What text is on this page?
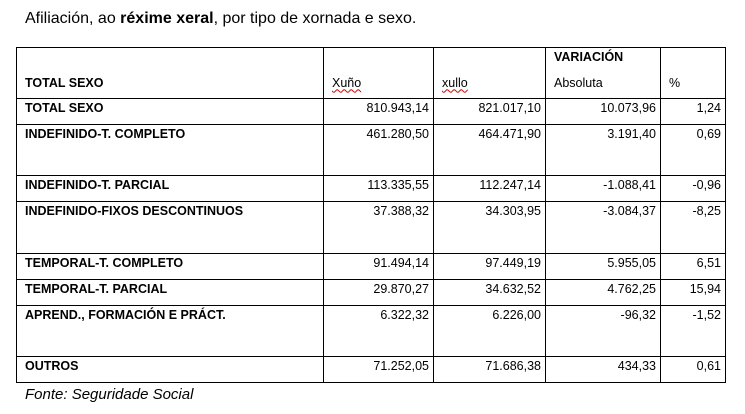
Afiliación, ao réxime xeral, por tipo de xornada e sexo.
			VARIACIÓN	
TOTAL SEXO	Xuño	xullo	Absoluta	%
TOTAL SEXO	810.943,14	821.017,10	10.073,96	1,24
INDEFINIDO-T. COMPLETO	461.280,50	464.471,90	3.191,40	0,69
INDEFINIDO-T. PARCIAL	113.335,55	112.247,14	-1.088,41	-0,96
INDEFINIDO-FIXOS DESCONTINUOS	37.388,32	34.303,95	-3.084,37	-8,25
TEMPORAL-T. COMPLETO	91.494,14	97.449,19	5.955,05	6,51
TEMPORAL-T. PARCIAL	29.870,27	34.632,52	4.762,25	15,94
APREND., FORMACIÓN E PRÁCT.	6.322,32	6.226,00	-96,32	-1,52
OUTROS	71.252,05	71.686,38	434,33	0,61
Fonte: Seguridade Social
